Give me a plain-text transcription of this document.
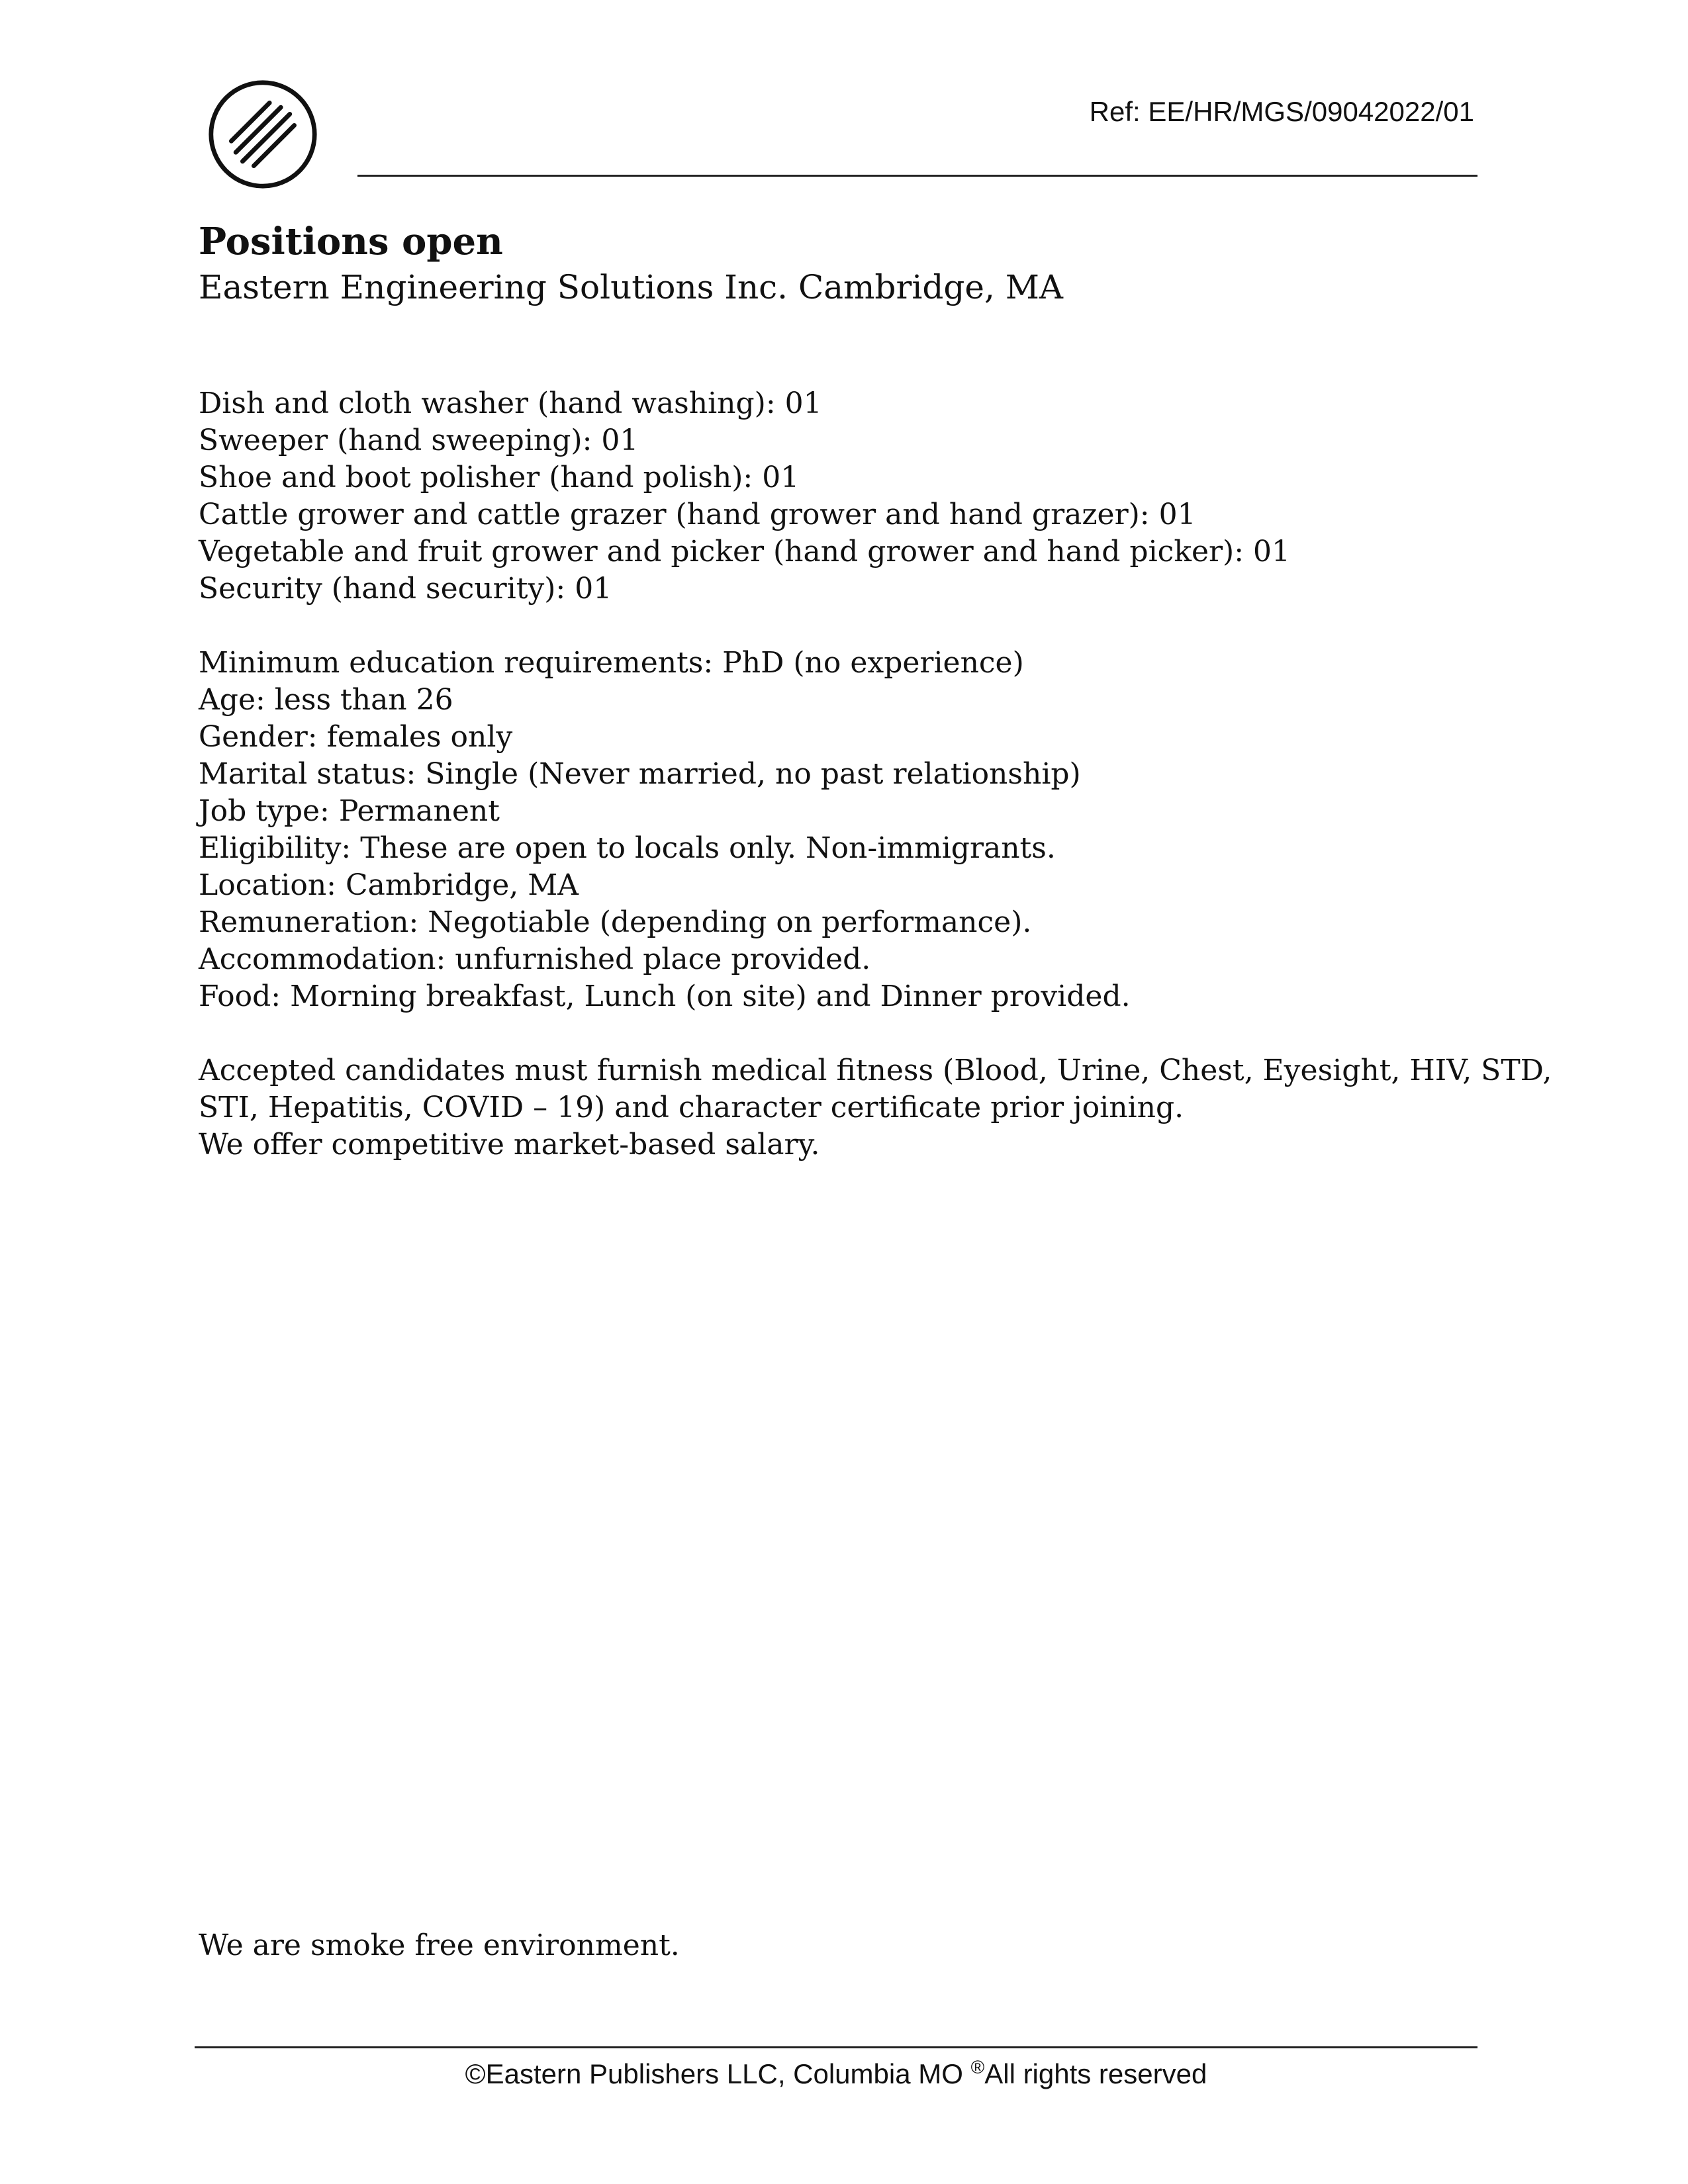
Ref: EE/HR/MGS/09042022/01
Positions open
Eastern Engineering Solutions Inc. Cambridge, MA
Dish and cloth washer (hand washing): 01
Sweeper (hand sweeping): 01
Shoe and boot polisher (hand polish): 01
Cattle grower and cattle grazer (hand grower and hand grazer): 01
Vegetable and fruit grower and picker (hand grower and hand picker): 01
Security (hand security): 01
Minimum education requirements: PhD (no experience)
Age: less than 26
Gender: females only
Marital status: Single (Never married, no past relationship)
Job type: Permanent
Eligibility: These are open to locals only. Non-immigrants.
Location: Cambridge, MA
Remuneration: Negotiable (depending on performance).
Accommodation: unfurnished place provided.
Food: Morning breakfast, Lunch (on site) and Dinner provided.
Accepted candidates must furnish medical fitness (Blood, Urine, Chest, Eyesight, HIV, STD,
STI, Hepatitis, COVID – 19) and character certificate prior joining.
We offer competitive market-based salary.
We are smoke free environment.
©Eastern Publishers LLC, Columbia MO ®All rights reserved
